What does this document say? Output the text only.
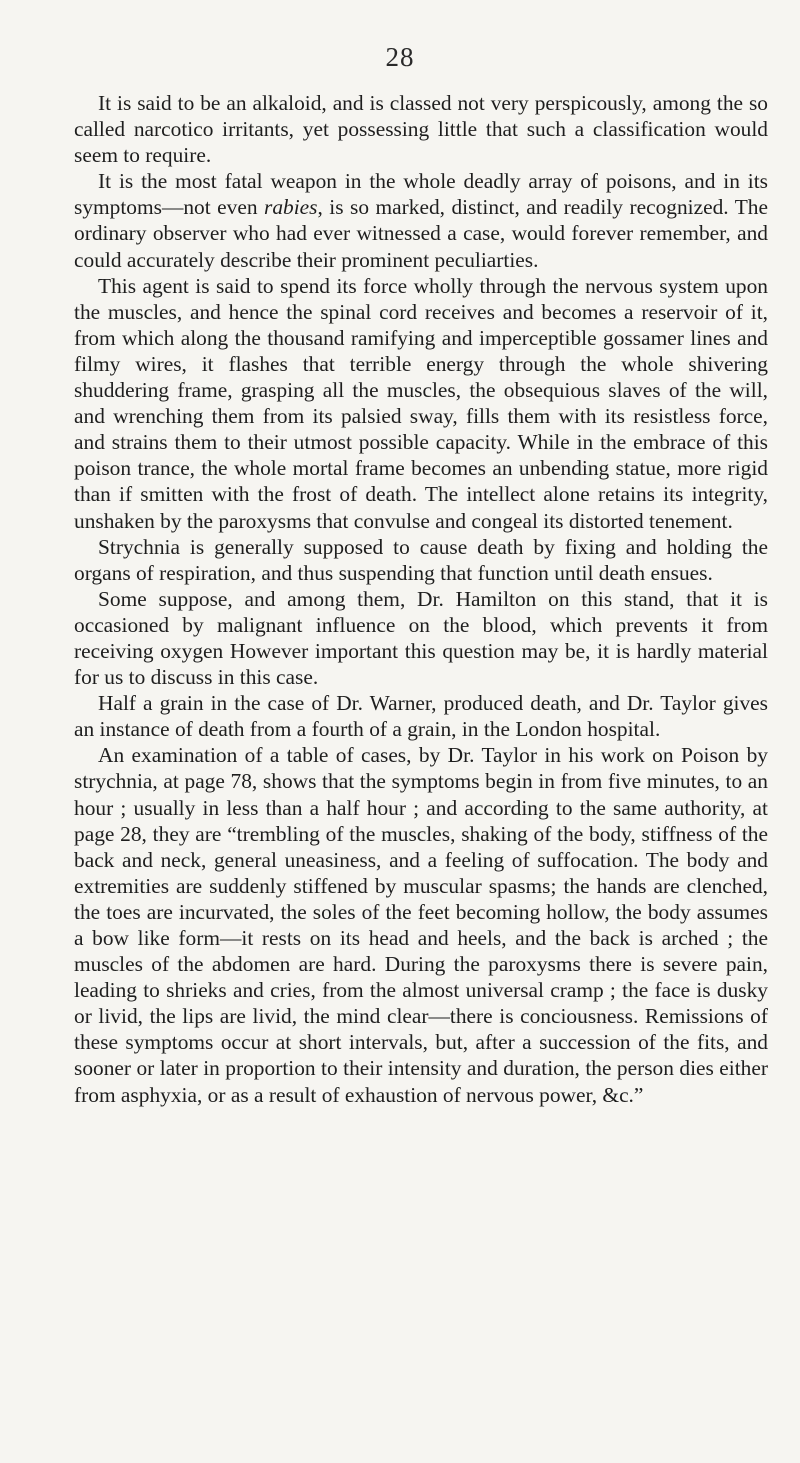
28

It is said to be an alkaloid, and is classed not very perspicously, among the so called narcotico irritants, yet possessing little that such a classification would seem to require.

It is the most fatal weapon in the whole deadly array of poisons, and in its symptoms—not even rabies, is so marked, distinct, and readily recognized. The ordinary observer who had ever witnessed a case, would forever remember, and could accurately describe their prominent peculiarties.

This agent is said to spend its force wholly through the nervous system upon the muscles, and hence the spinal cord receives and becomes a reservoir of it, from which along the thousand ramifying and imperceptible gossamer lines and filmy wires, it flashes that terrible energy through the whole shivering shuddering frame, grasping all the muscles, the obsequious slaves of the will, and wrenching them from its palsied sway, fills them with its resistless force, and strains them to their utmost possible capacity. While in the embrace of this poison trance, the whole mortal frame becomes an unbending statue, more rigid than if smitten with the frost of death. The intellect alone retains its integrity, unshaken by the paroxysms that convulse and congeal its distorted tenement.

Strychnia is generally supposed to cause death by fixing and holding the organs of respiration, and thus suspending that function until death ensues.

Some suppose, and among them, Dr. Hamilton on this stand, that it is occasioned by malignant influence on the blood, which prevents it from receiving oxygen However important this question may be, it is hardly material for us to discuss in this case.

Half a grain in the case of Dr. Warner, produced death, and Dr. Taylor gives an instance of death from a fourth of a grain, in the London hospital.

An examination of a table of cases, by Dr. Taylor in his work on Poison by strychnia, at page 78, shows that the symptoms begin in from five minutes, to an hour ; usually in less than a half hour ; and according to the same authority, at page 28, they are “trembling of the muscles, shaking of the body, stiffness of the back and neck, general uneasiness, and a feeling of suffocation. The body and extremities are suddenly stiffened by muscular spasms; the hands are clenched, the toes are incurvated, the soles of the feet becoming hollow, the body assumes a bow like form—it rests on its head and heels, and the back is arched ; the muscles of the abdomen are hard. During the paroxysms there is severe pain, leading to shrieks and cries, from the almost universal cramp ; the face is dusky or livid, the lips are livid, the mind clear—there is conciousness. Remissions of these symptoms occur at short intervals, but, after a succession of the fits, and sooner or later in proportion to their intensity and duration, the person dies either from asphyxia, or as a result of exhaustion of nervous power, &c.”
